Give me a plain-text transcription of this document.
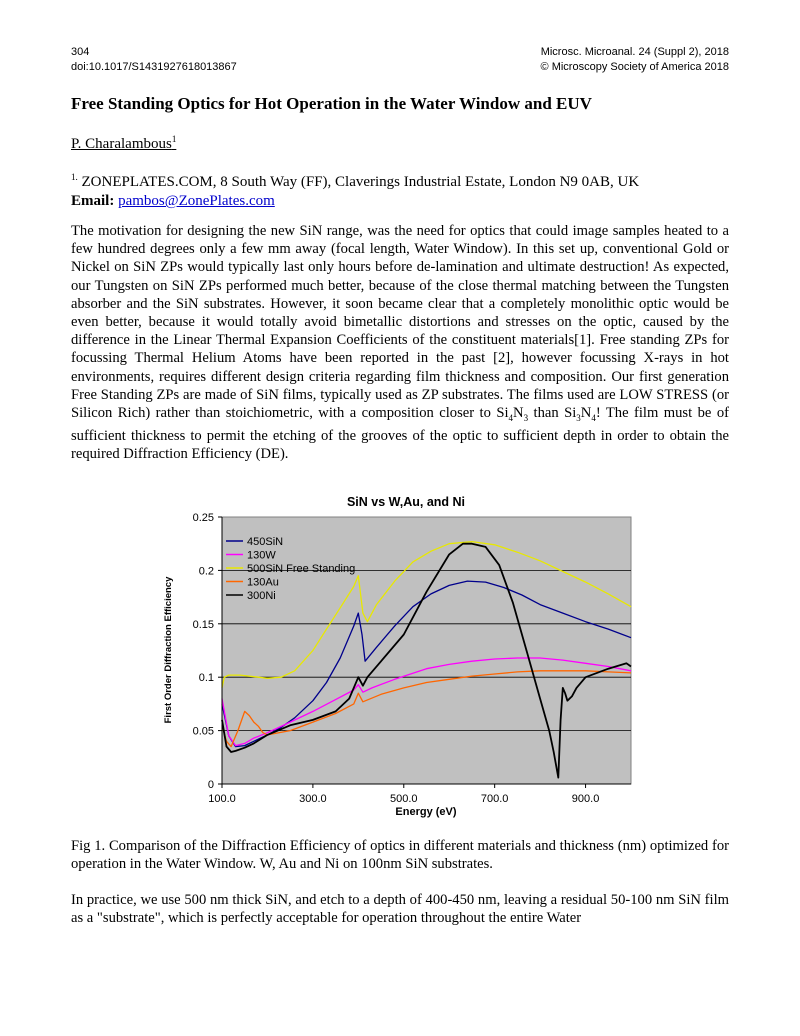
304
doi:10.1017/S1431927618013867
Microsc. Microanal. 24 (Suppl 2), 2018
© Microscopy Society of America 2018
Free Standing Optics for Hot Operation in the Water Window and EUV
P. Charalambous$^1$
$^{1.}$ ZONEPLATES.COM, 8 South Way (FF), Claverings Industrial Estate, London N9 0AB, UK
Email: pambos@ZonePlates.com

The motivation for designing the new SiN range, was the need for optics that could image samples heated to a few hundred degrees only a few mm away (focal length, Water Window). In this set up, conventional Gold or Nickel on SiN ZPs would typically last only hours before de-lamination and ultimate destruction! As expected, our Tungsten on SiN ZPs performed much better, because of the close thermal matching between the Tungsten absorber and the SiN substrates. However, it soon became clear that a completely monolithic optic would be even better, because it would totally avoid bimetallic distortions and stresses on the optic, caused by the difference in the Linear Thermal Expansion Coefficients of the constituent materials[1]. Free standing ZPs for focussing Thermal Helium Atoms have been reported in the past [2], however focussing X-rays in hot environments, requires different design criteria regarding film thickness and composition. Our first generation Free Standing ZPs are made of SiN films, typically used as ZP substrates. The films used are LOW STRESS (or Silicon Rich) rather than stoichiometric, with a composition closer to $Si_4N_3$ than $Si_3N_4$! The film must be of sufficient thickness to permit the etching of the grooves of the optic to sufficient depth in order to obtain the required Diffraction Efficiency (DE).

SiN vs W,Au, and Ni
0
0.05
0.1
0.15
0.2
0.25
100.0	300.0	500.0	700.0	900.0
450SiN
130W
500SiN Free Standing
130Au
300Ni
Energy (eV)
First Order Diffraction Efficiency

Fig 1. Comparison of the Diffraction Efficiency of optics in different materials and thickness (nm) optimized for operation in the Water Window. W, Au and Ni on 100nm SiN substrates.

In practice, we use 500 nm thick SiN, and etch to a depth of 400-450 nm, leaving a residual 50-100 nm SiN film as a "substrate", which is perfectly acceptable for operation throughout the entire Water
